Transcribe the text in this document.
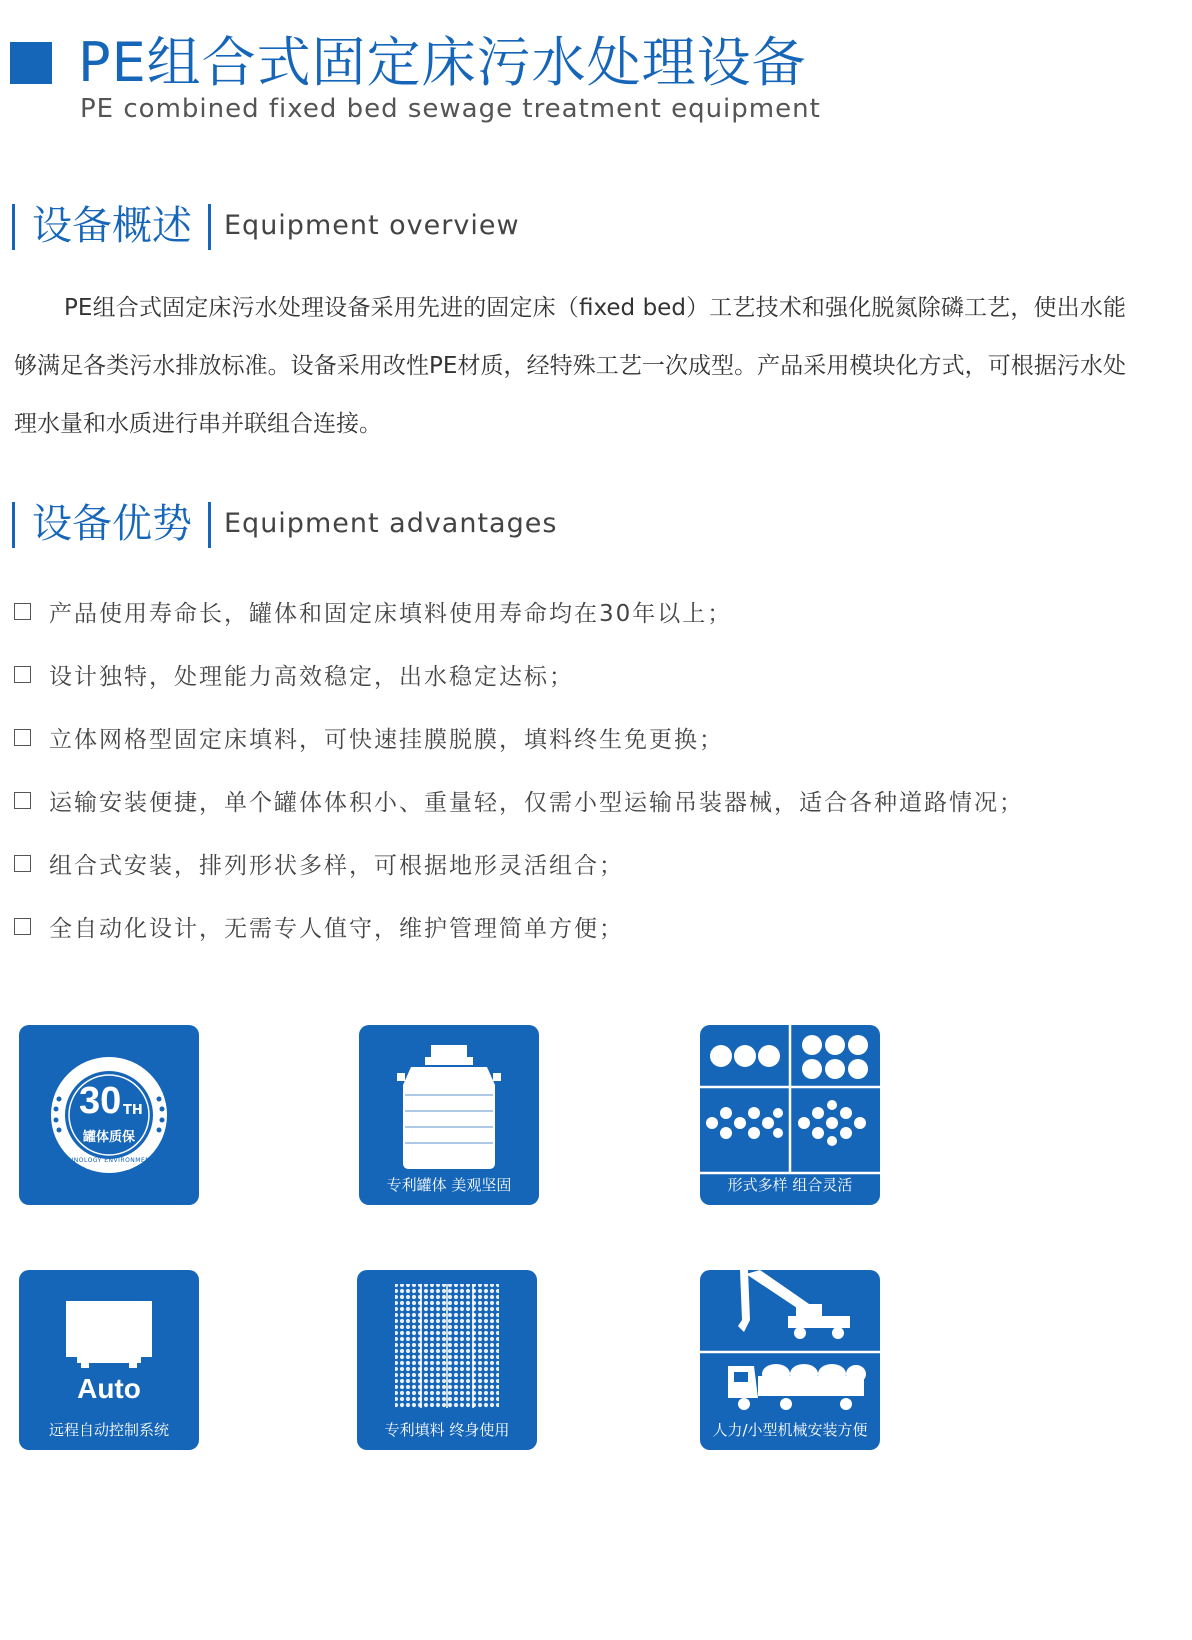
PE组合式固定床污水处理设备
PE combined fixed bed sewage treatment equipment
设备概述 Equipment overview

PE组合式固定床污水处理设备采用先进的固定床（fixed bed）工艺技术和强化脱氮除磷工艺，使出水能够满足各类污水排放标准。设备采用改性PE材质，经特殊工艺一次成型。产品采用模块化方式，可根据污水处理水量和水质进行串并联组合连接。

设备优势 Equipment advantages
产品使用寿命长，罐体和固定床填料使用寿命均在30年以上；
设计独特，处理能力高效稳定，出水稳定达标；
立体网格型固定床填料，可快速挂膜脱膜，填料终生免更换；
运输安装便捷，单个罐体体积小、重量轻，仅需小型运输吊装器械，适合各种道路情况；
组合式安装，排列形状多样，可根据地形灵活组合；
全自动化设计，无需专人值守，维护管理简单方便；
30 TH
罐体质保
TECHNOLOGY ENVIRONMENTAL
专利罐体 美观坚固	形式多样 组合灵活
Auto
远程自动控制系统	专利填料 终身使用	人力/小型机械安装方便
